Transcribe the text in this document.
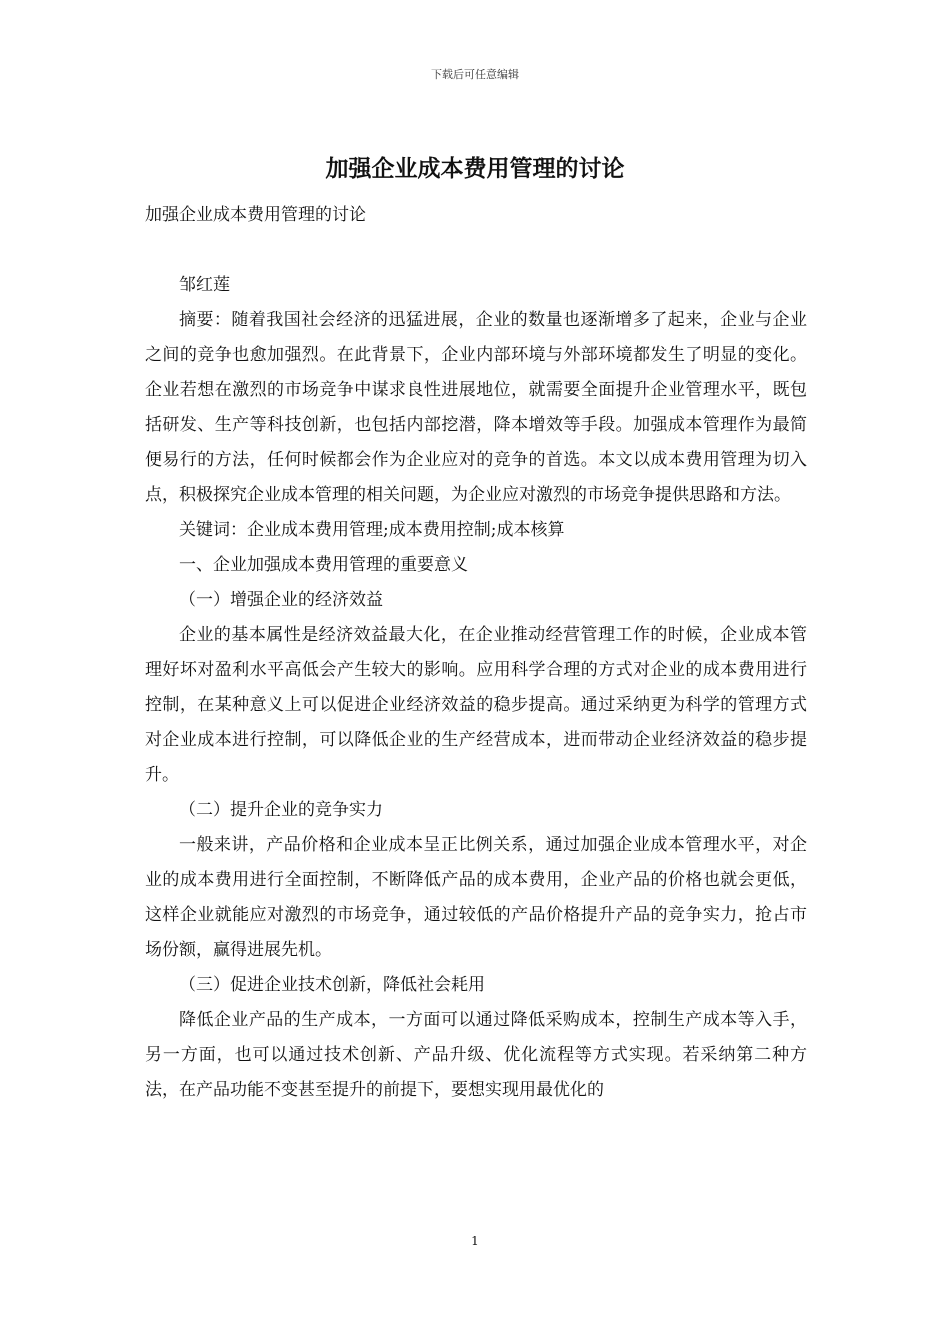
下载后可任意编辑
加强企业成本费用管理的讨论

加强企业成本费用管理的讨论

邹红莲

摘要：随着我国社会经济的迅猛进展，企业的数量也逐渐增多了起来，企业与企业之间的竞争也愈加强烈。在此背景下，企业内部环境与外部环境都发生了明显的变化。企业若想在激烈的市场竞争中谋求良性进展地位，就需要全面提升企业管理水平，既包括研发、生产等科技创新，也包括内部挖潜，降本增效等手段。加强成本管理作为最简便易行的方法，任何时候都会作为企业应对的竞争的首选。本文以成本费用管理为切入点，积极探究企业成本管理的相关问题，为企业应对激烈的市场竞争提供思路和方法。

关键词：企业成本费用管理;成本费用控制;成本核算

一、企业加强成本费用管理的重要意义

（一）增强企业的经济效益

企业的基本属性是经济效益最大化，在企业推动经营管理工作的时候，企业成本管理好坏对盈利水平高低会产生较大的影响。应用科学合理的方式对企业的成本费用进行控制，在某种意义上可以促进企业经济效益的稳步提高。通过采纳更为科学的管理方式对企业成本进行控制，可以降低企业的生产经营成本，进而带动企业经济效益的稳步提升。

（二）提升企业的竞争实力

一般来讲，产品价格和企业成本呈正比例关系，通过加强企业成本管理水平，对企业的成本费用进行全面控制，不断降低产品的成本费用，企业产品的价格也就会更低，这样企业就能应对激烈的市场竞争，通过较低的产品价格提升产品的竞争实力，抢占市场份额，赢得进展先机。

（三）促进企业技术创新，降低社会耗用

降低企业产品的生产成本，一方面可以通过降低采购成本，控制生产成本等入手，另一方面，也可以通过技术创新、产品升级、优化流程等方式实现。若采纳第二种方法，在产品功能不变甚至提升的前提下，要想实现用最优化的

1
